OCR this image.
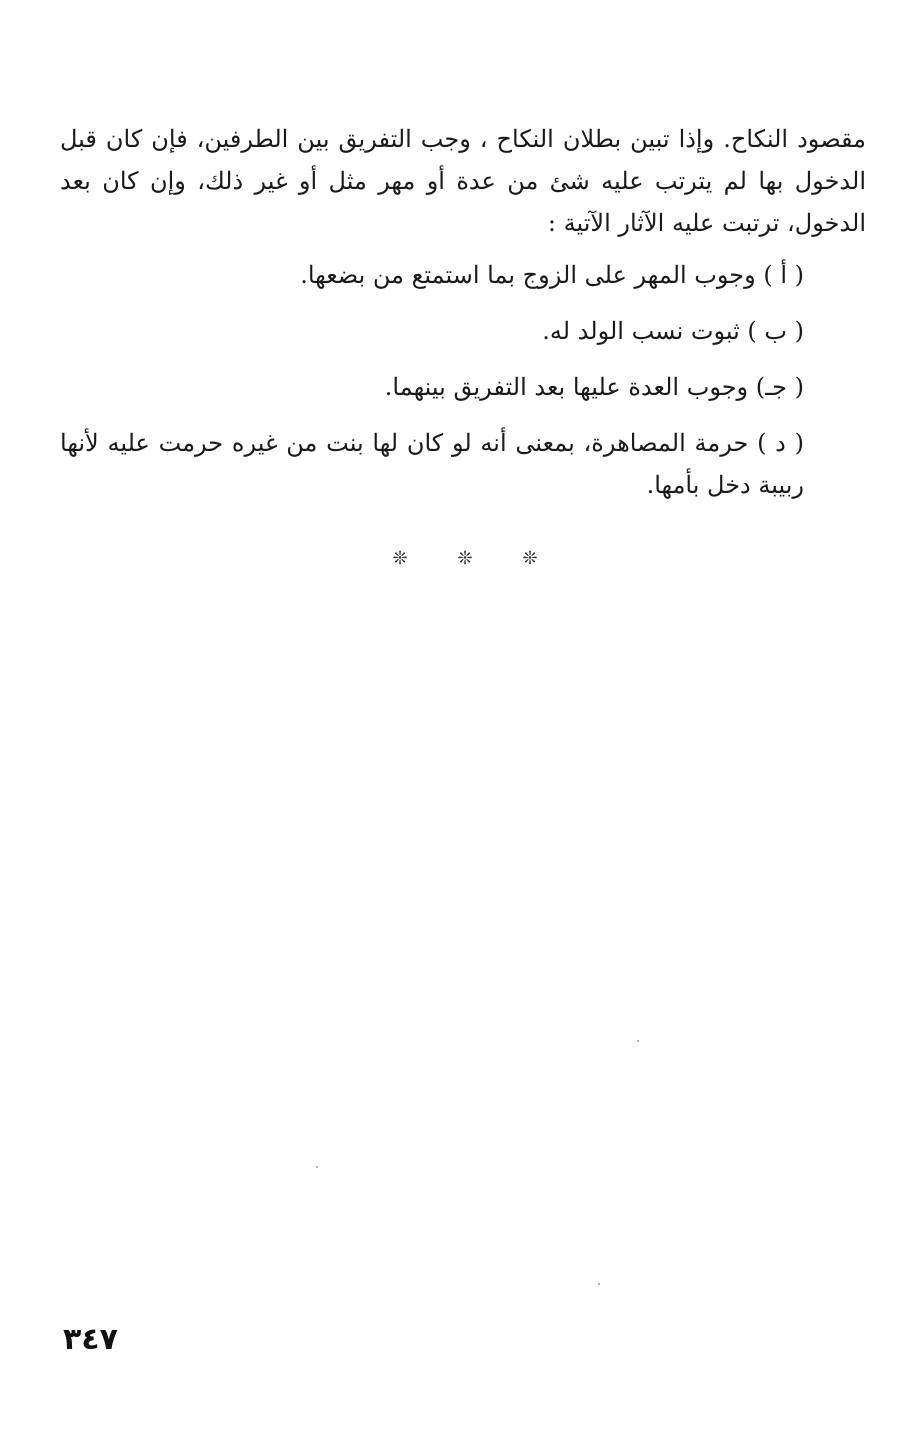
مقصود النكاح. وإذا تبين بطلان النكاح ، وجب التفريق بين الطرفين، فإن كان قبل الدخول بها لم يترتب عليه شئ من عدة أو مهر مثل أو غير ذلك، وإن كان بعد الدخول، ترتبت عليه الآثار الآتية :

( أ ) وجوب المهر على الزوج بما استمتع من بضعها.

( ب ) ثبوت نسب الولد له.

( جـ) وجوب العدة عليها بعد التفريق بينهما.

( د ) حرمة المصاهرة، بمعنى أنه لو كان لها بنت من غيره حرمت عليه لأنها ربيبة دخل بأمها.

❊	❊	❊
٣٤٧
